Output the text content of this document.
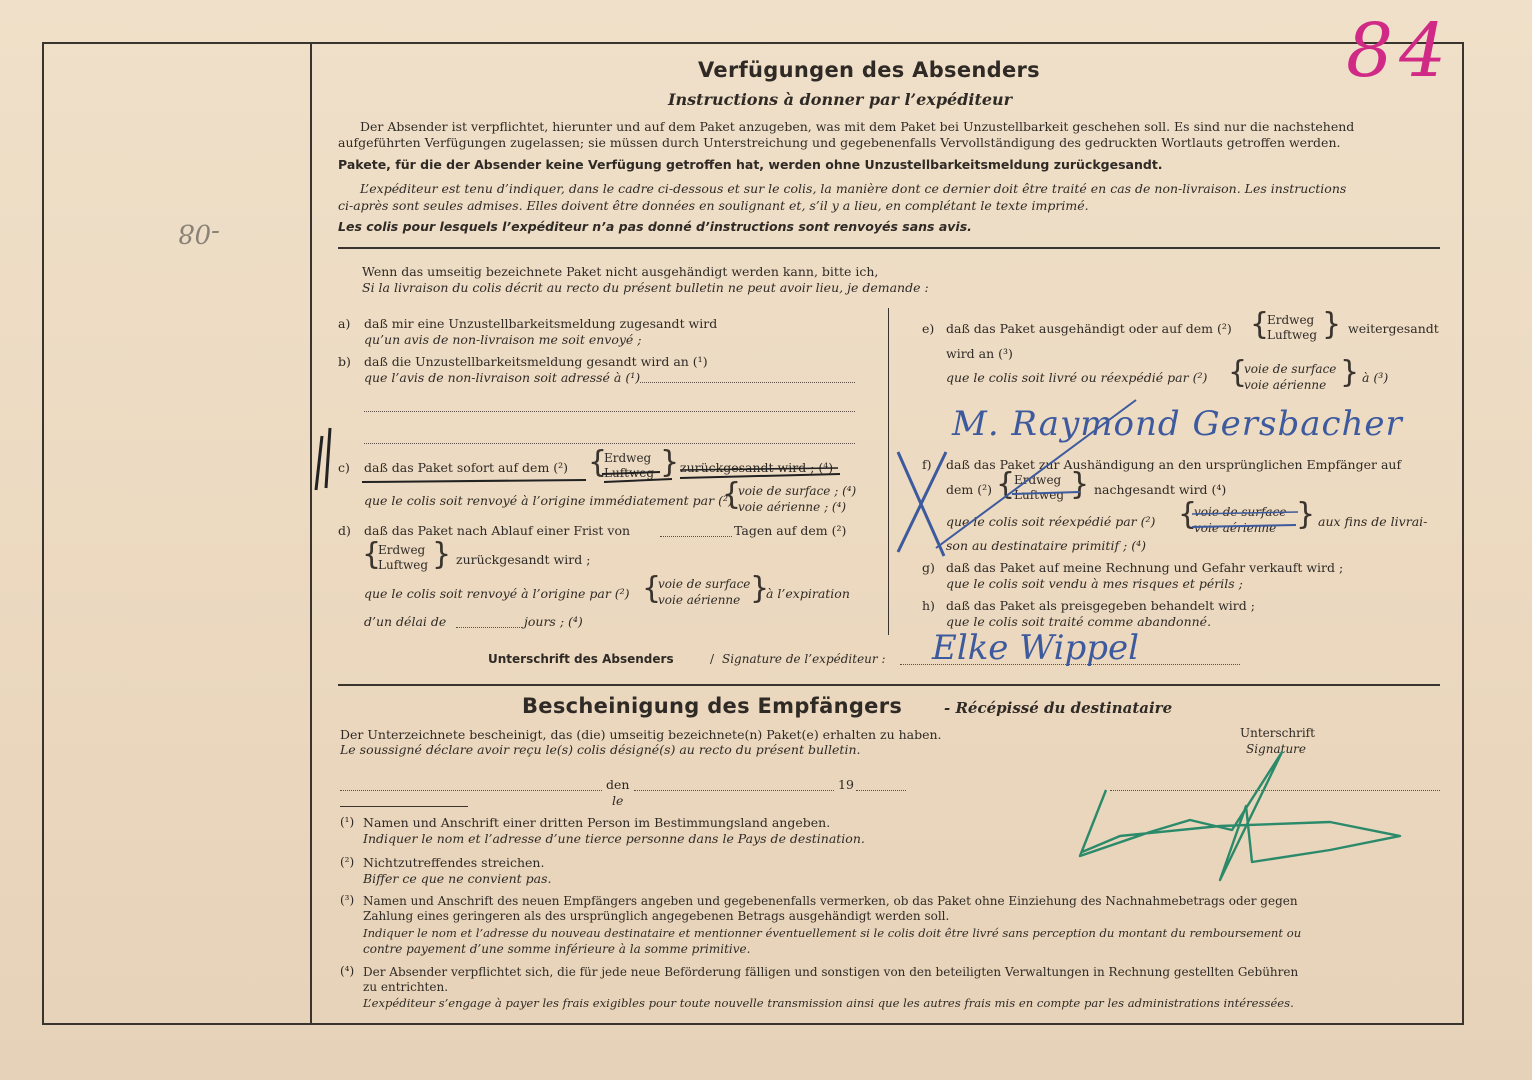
84
-08
Verfügungen des Absenders
Instructions à donner par l’expéditeur
Der Absender ist verpflichtet, hierunter und auf dem Paket anzugeben, was mit dem Paket bei Unzustellbarkeit geschehen soll. Es sind nur die nachstehend
aufgeführten Verfügungen zugelassen; sie müssen durch Unterstreichung und gegebenenfalls Vervollständigung des gedruckten Wortlauts getroffen werden.
Pakete, für die der Absender keine Verfügung getroffen hat, werden ohne Unzustellbarkeitsmeldung zurückgesandt.
L’expéditeur est tenu d’indiquer, dans le cadre ci-dessous et sur le colis, la manière dont ce dernier doit être traité en cas de non-livraison. Les instructions
ci-après sont seules admises. Elles doivent être données en soulignant et, s’il y a lieu, en complétant le texte imprimé.
Les colis pour lesquels l’expéditeur n’a pas donné d’instructions sont renvoyés sans avis.
Wenn das umseitig bezeichnete Paket nicht ausgehändigt werden kann, bitte ich,
Si la livraison du colis décrit au recto du présent bulletin ne peut avoir lieu, je demande :
a) daß mir eine Unzustellbarkeitsmeldung zugesandt wird
qu’un avis de non-livraison me soit envoyé ;
b) daß die Unzustellbarkeitsmeldung gesandt wird an (¹)
que l’avis de non-livraison soit adressé à (¹)
c) daß das Paket sofort auf dem (²) {
Erdweg
Luftweg } zurückgesandt wird ; (⁴)
que le colis soit renvoyé à l’origine immédiatement par (²)
{
voie de surface ; (⁴)
voie aérienne ; (⁴)
d) daß das Paket nach Ablauf einer Frist von	Tagen auf dem (²)
{
Erdweg
Luftweg } zurückgesandt wird ;
que le colis soit renvoyé à l’origine par (²) {
voie de surface
voie aérienne }
à l’expiration
d’un délai de	jours ; (⁴)
e) daß das Paket ausgehändigt oder auf dem (²) {
Erdweg
Luftweg } weitergesandt
wird an (³)
que le colis soit livré ou réexpédié par (²) {
voie de surface
voie aérienne } à (³)
M. Raymond Gersbacher
f) daß das Paket zur Aushändigung an den ursprünglichen Empfänger auf
dem (²) {
Erdweg
Luftweg } nachgesandt wird (⁴)
que le colis soit réexpédié par (²) {
voie de surface
voie aérienne } aux fins de livrai-
son au destinataire primitif ; (⁴)
g) daß das Paket auf meine Rechnung und Gefahr verkauft wird ;
que le colis soit vendu à mes risques et périls ;
h) daß das Paket als preisgegeben behandelt wird ;
que le colis soit traité comme abandonné.
Unterschrift des Absenders	/ Signature de l’expéditeur : Elke Wippel
Bescheinigung des Empfängers	- Récépissé du destinataire
Der Unterzeichnete bescheinigt, das (die) umseitig bezeichnete(n) Paket(e) erhalten zu haben.
Le soussigné déclare avoir reçu le(s) colis désigné(s) au recto du présent bulletin.
Unterschrift
Signature
den
le
19
(¹) Namen und Anschrift einer dritten Person im Bestimmungsland angeben.
Indiquer le nom et l’adresse d’une tierce personne dans le Pays de destination.
(²) Nichtzutreffendes streichen.
Biffer ce que ne convient pas.
(³) Namen und Anschrift des neuen Empfängers angeben und gegebenenfalls vermerken, ob das Paket ohne Einziehung des Nachnahmebetrags oder gegen
Zahlung eines geringeren als des ursprünglich angegebenen Betrags ausgehändigt werden soll.
Indiquer le nom et l’adresse du nouveau destinataire et mentionner éventuellement si le colis doit être livré sans perception du montant du remboursement ou
contre payement d’une somme inférieure à la somme primitive.
(⁴) Der Absender verpflichtet sich, die für jede neue Beförderung fälligen und sonstigen von den beteiligten Verwaltungen in Rechnung gestellten Gebühren
zu entrichten.
L’expéditeur s’engage à payer les frais exigibles pour toute nouvelle transmission ainsi que les autres frais mis en compte par les administrations intéressées.
